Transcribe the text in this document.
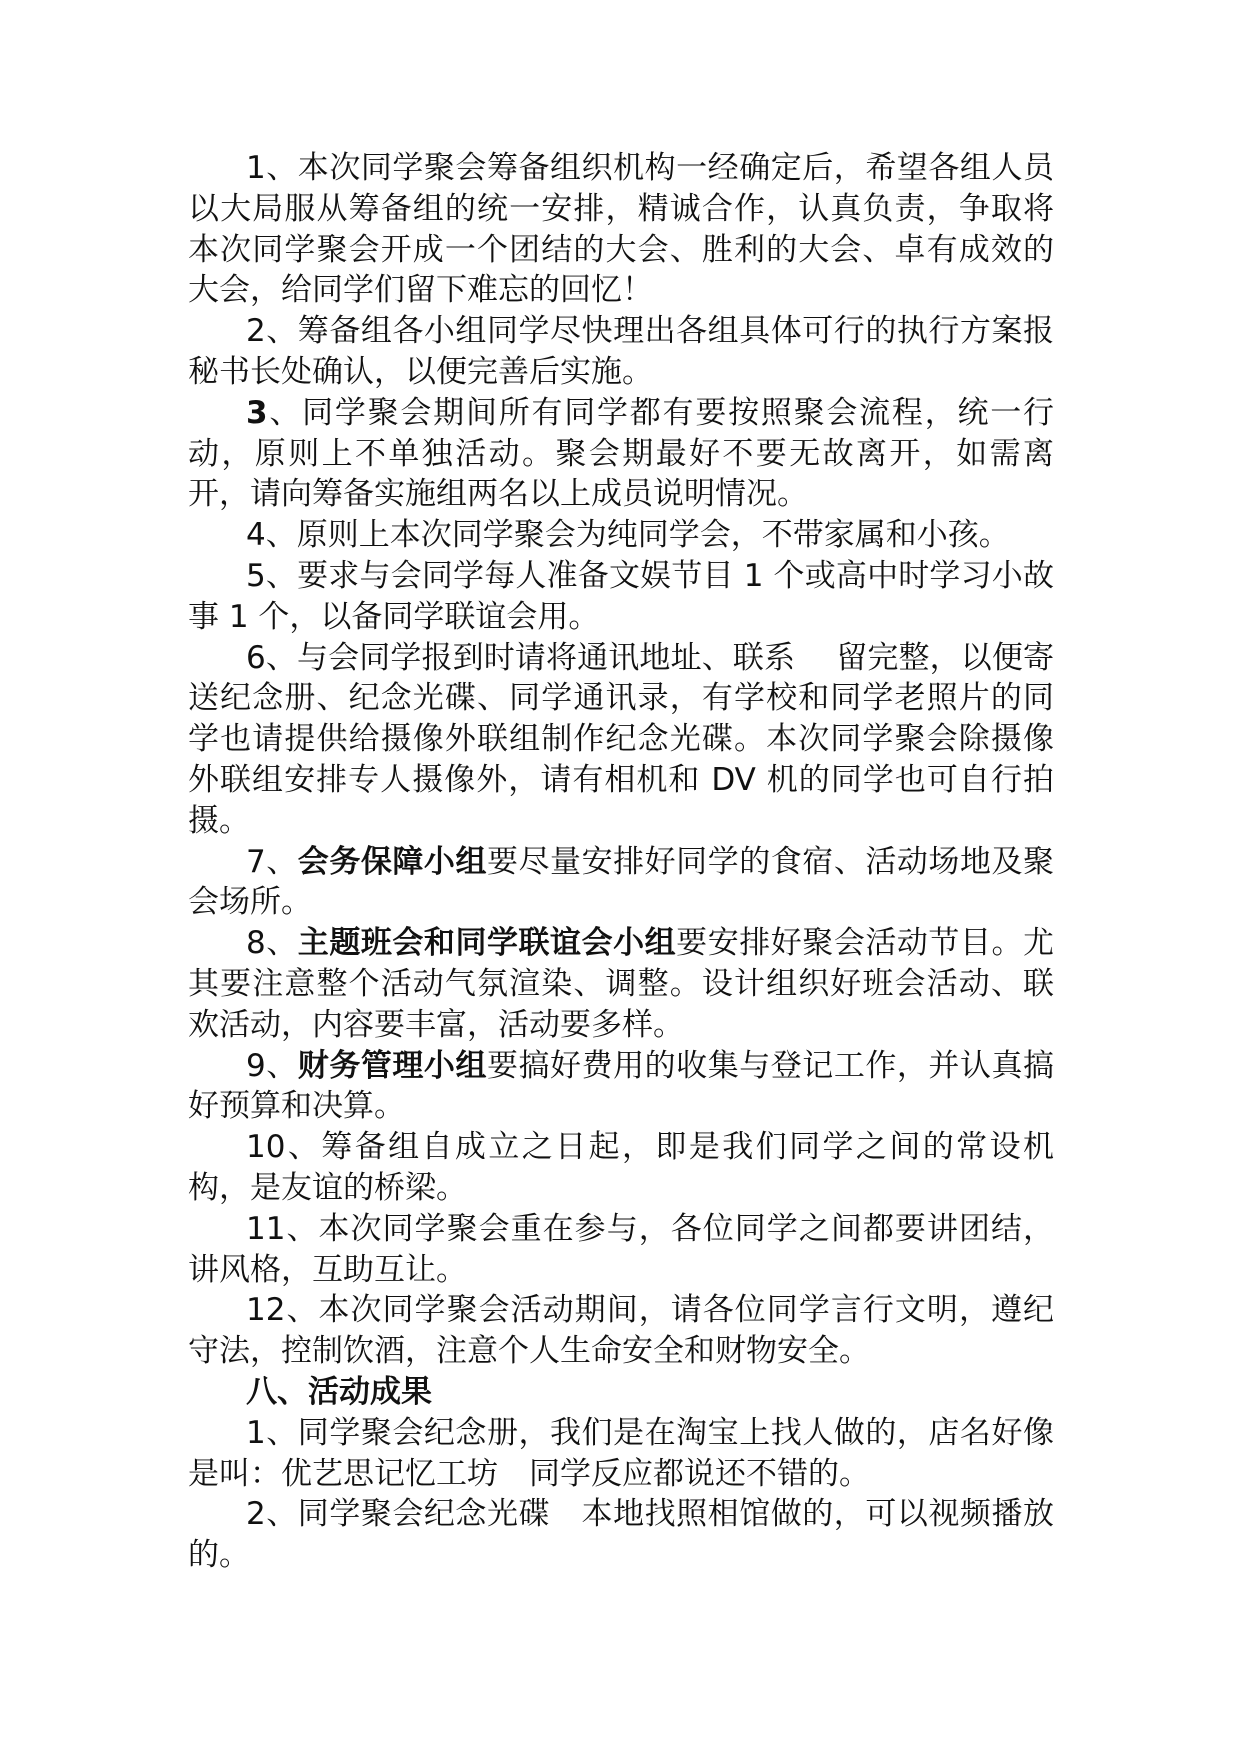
1、本次同学聚会筹备组织机构一经确定后，希望各组人员以大局服从筹备组的统一安排，精诚合作，认真负责，争取将本次同学聚会开成一个团结的大会、胜利的大会、卓有成效的大会，给同学们留下难忘的回忆！

2、筹备组各小组同学尽快理出各组具体可行的执行方案报秘书长处确认，以便完善后实施。

3、同学聚会期间所有同学都有要按照聚会流程，统一行动，原则上不单独活动。聚会期最好不要无故离开，如需离开，请向筹备实施组两名以上成员说明情况。

4、原则上本次同学聚会为纯同学会，不带家属和小孩。

5、要求与会同学每人准备文娱节目 1 个或高中时学习小故事 1 个，以备同学联谊会用。

6、与会同学报到时请将通讯地址、联系　 留完整，以便寄送纪念册、纪念光碟、同学通讯录，有学校和同学老照片的同学也请提供给摄像外联组制作纪念光碟。本次同学聚会除摄像外联组安排专人摄像外，请有相机和 DV 机的同学也可自行拍摄。

7、会务保障小组要尽量安排好同学的食宿、活动场地及聚会场所。

8、主题班会和同学联谊会小组要安排好聚会活动节目。尤其要注意整个活动气氛渲染、调整。设计组织好班会活动、联欢活动，内容要丰富，活动要多样。

9、财务管理小组要搞好费用的收集与登记工作，并认真搞好预算和决算。

10、筹备组自成立之日起，即是我们同学之间的常设机构，是友谊的桥梁。

11、本次同学聚会重在参与，各位同学之间都要讲团结，讲风格，互助互让。

12、本次同学聚会活动期间，请各位同学言行文明，遵纪守法，控制饮酒，注意个人生命安全和财物安全。

八、活动成果

1、同学聚会纪念册，我们是在淘宝上找人做的，店名好像是叫：优艺思记忆工坊　同学反应都说还不错的。

2、同学聚会纪念光碟　本地找照相馆做的，可以视频播放的。
